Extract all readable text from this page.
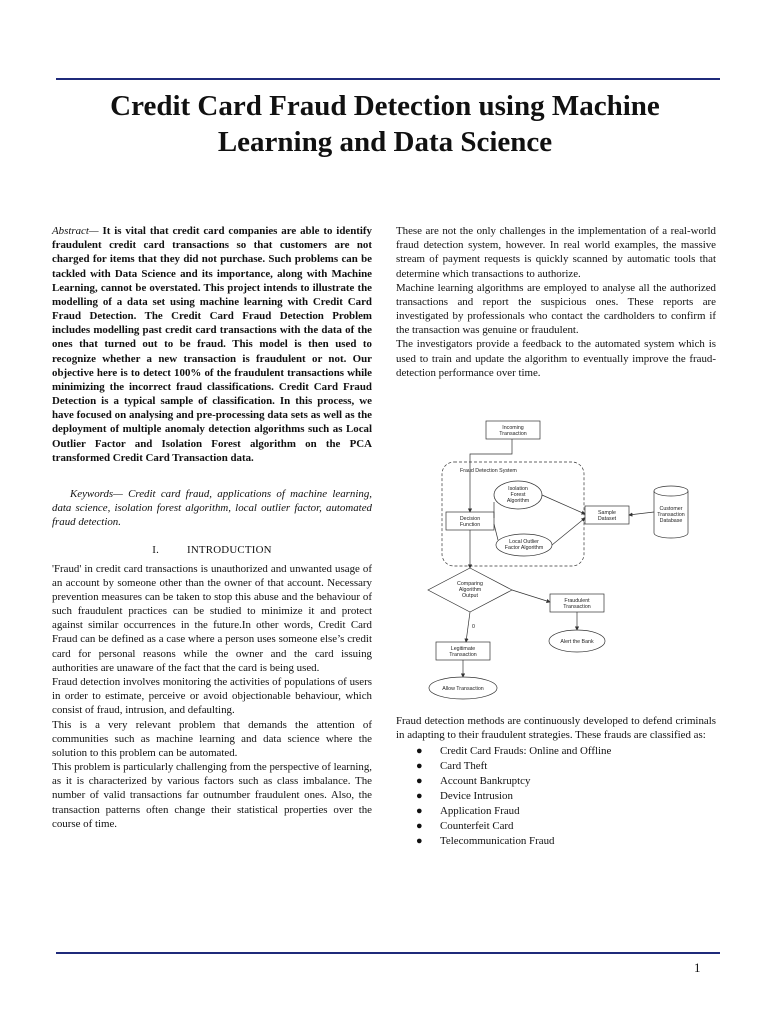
Credit Card Fraud Detection using Machine Learning and Data Science

Abstract— It is vital that credit card companies are able to identify fraudulent credit card transactions so that customers are not charged for items that they did not purchase. Such problems can be tackled with Data Science and its importance, along with Machine Learning, cannot be overstated. This project intends to illustrate the modelling of a data set using machine learning with Credit Card Fraud Detection. The Credit Card Fraud Detection Problem includes modelling past credit card transactions with the data of the ones that turned out to be fraud. This model is then used to recognize whether a new transaction is fraudulent or not. Our objective here is to detect 100% of the fraudulent transactions while minimizing the incorrect fraud classifications. Credit Card Fraud Detection is a typical sample of classification. In this process, we have focused on analysing and pre-processing data sets as well as the deployment of multiple anomaly detection algorithms such as Local Outlier Factor and Isolation Forest algorithm on the PCA transformed Credit Card Transaction data.

Keywords— Credit card fraud, applications of machine learning, data science, isolation forest algorithm, local outlier factor, automated fraud detection.

I.	INTRODUCTION

'Fraud' in credit card transactions is unauthorized and unwanted usage of an account by someone other than the owner of that account. Necessary prevention measures can be taken to stop this abuse and the behaviour of such fraudulent practices can be studied to minimize it and protect against similar occurrences in the future.In other words, Credit Card Fraud can be defined as a case where a person uses someone else’s credit card for personal reasons while the owner and the card issuing authorities are unaware of the fact that the card is being used.

Fraud detection involves monitoring the activities of populations of users in order to estimate, perceive or avoid objectionable behaviour, which consist of fraud, intrusion, and defaulting.

This is a very relevant problem that demands the attention of communities such as machine learning and data science where the solution to this problem can be automated.

This problem is particularly challenging from the perspective of learning, as it is characterized by various factors such as class imbalance. The number of valid transactions far outnumber fraudulent ones. Also, the transaction patterns often change their statistical properties over the course of time.

These are not the only challenges in the implementation of a real-world fraud detection system, however. In real world examples, the massive stream of payment requests is quickly scanned by automatic tools that determine which transactions to authorize.

Machine learning algorithms are employed to analyse all the authorized transactions and report the suspicious ones. These reports are investigated by professionals who contact the cardholders to confirm if the transaction was genuine or fraudulent.

The investigators provide a feedback to the automated system which is used to train and update the algorithm to eventually improve the fraud-detection performance over time.

Incoming
Transaction
Fraud Detection System
Isolation
Forest
Algorithm
Local Outlier
Factor Algorithm
Decision
Function
Sample
Dataset
Customer
Transaction
Database
Comparing
Algorithm
Output
Fraudulent
Transaction
Alert the Bank
Legitimate
Transaction
Allow Transaction
0

Fraud detection methods are continuously developed to defend criminals in adapting to their fraudulent strategies. These frauds are classified as:

● Credit Card Frauds: Online and Offline
● Card Theft
● Account Bankruptcy
● Device Intrusion
● Application Fraud
● Counterfeit Card
● Telecommunication Fraud
1
